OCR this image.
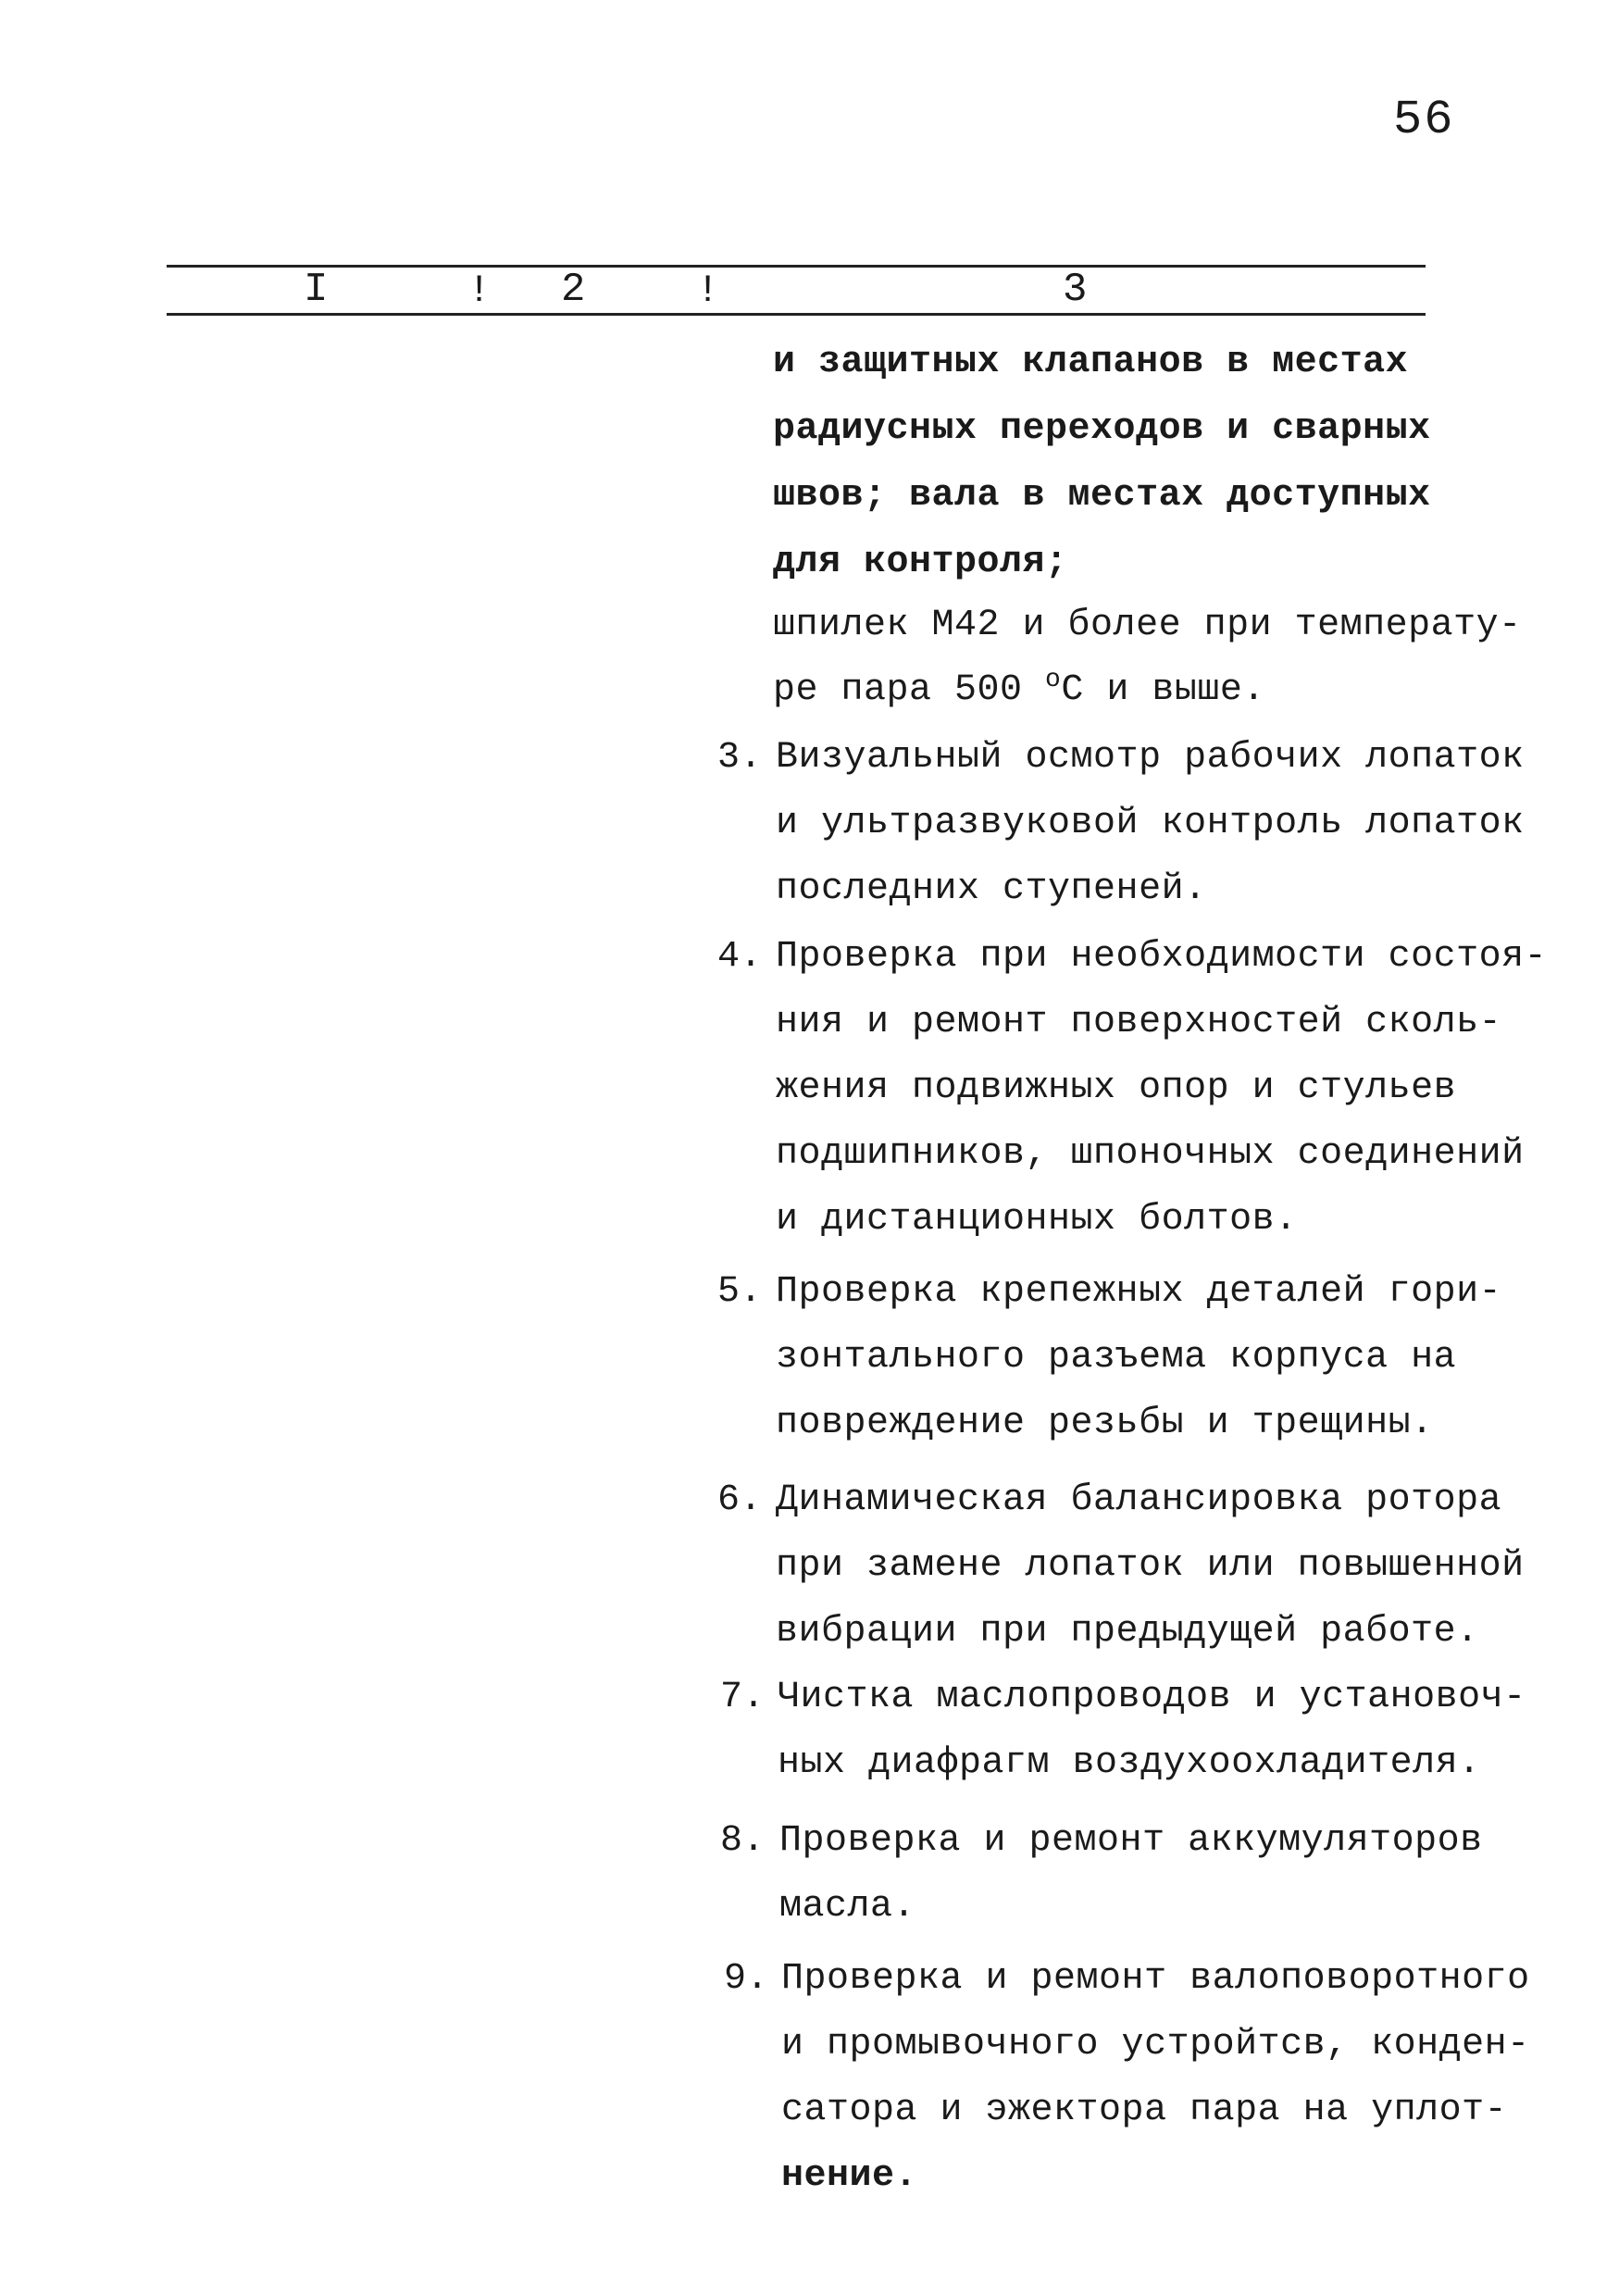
56
I	! 2	!	3
и защитных клапанов в местах
радиусных переходов и сварных
швов; вала в местах доступных
для контроля;
шпилек М42 и более при температу-
ре пара 500 $^о$С и выше.
3. Визуальный осмотр рабочих лопаток
и ультразвуковой контроль лопаток
последних ступеней.
4. Проверка при необходимости состоя-
ния и ремонт поверхностей сколь-
жения подвижных опор и стульев
подшипников, шпоночных соединений
и дистанционных болтов.
5. Проверка крепежных деталей гори-
зонтального разъема корпуса на
повреждение резьбы и трещины.
6. Динамическая балансировка ротора
при замене лопаток или повышенной
вибрации при предыдущей работе.
7. Чистка маслопроводов и установоч-
ных диафрагм воздухоохладителя.
8. Проверка и ремонт аккумуляторов
масла.
9. Проверка и ремонт валоповоротного
и промывочного устройтсв, конден-
сатора и эжектора пара на уплот-
нение.
